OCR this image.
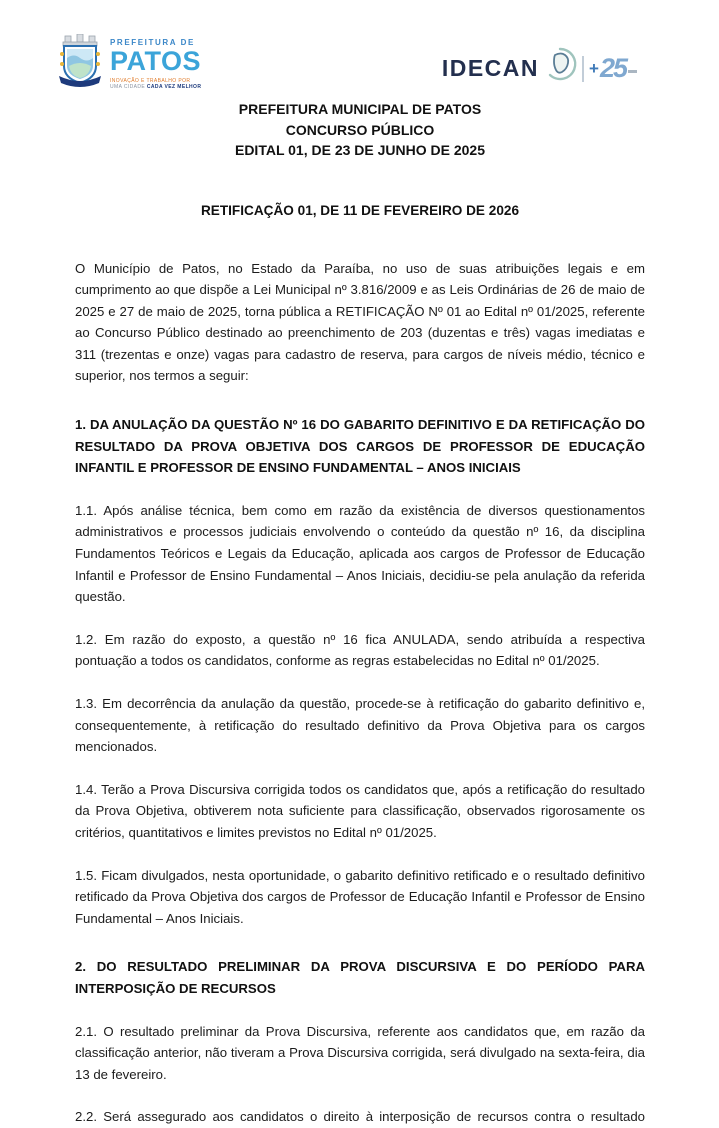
PREFEITURA DE
PATOS
INOVAÇÃO E TRABALHO POR
UMA CIDADE CADA VEZ MELHOR
IDECAN	+ 25

PREFEITURA MUNICIPAL DE PATOS

CONCURSO PÚBLICO

EDITAL 01, DE 23 DE JUNHO DE 2025

RETIFICAÇÃO 01, DE 11 DE FEVEREIRO DE 2026

O Município de Patos, no Estado da Paraíba, no uso de suas atribuições legais e em cumprimento ao que dispõe a Lei Municipal nº 3.816/2009 e as Leis Ordinárias de 26 de maio de 2025 e 27 de maio de 2025, torna pública a RETIFICAÇÃO Nº 01 ao Edital nº 01/2025, referente ao Concurso Público destinado ao preenchimento de 203 (duzentas e três) vagas imediatas e 311 (trezentas e onze) vagas para cadastro de reserva, para cargos de níveis médio, técnico e superior, nos termos a seguir:

1. DA ANULAÇÃO DA QUESTÃO Nº 16 DO GABARITO DEFINITIVO E DA RETIFICAÇÃO DO RESULTADO DA PROVA OBJETIVA DOS CARGOS DE PROFESSOR DE EDUCAÇÃO INFANTIL E PROFESSOR DE ENSINO FUNDAMENTAL – ANOS INICIAIS

1.1. Após análise técnica, bem como em razão da existência de diversos questionamentos administrativos e processos judiciais envolvendo o conteúdo da questão nº 16, da disciplina Fundamentos Teóricos e Legais da Educação, aplicada aos cargos de Professor de Educação Infantil e Professor de Ensino Fundamental – Anos Iniciais, decidiu-se pela anulação da referida questão.

1.2. Em razão do exposto, a questão nº 16 fica ANULADA, sendo atribuída a respectiva pontuação a todos os candidatos, conforme as regras estabelecidas no Edital nº 01/2025.

1.3. Em decorrência da anulação da questão, procede-se à retificação do gabarito definitivo e, consequentemente, à retificação do resultado definitivo da Prova Objetiva para os cargos mencionados.

1.4. Terão a Prova Discursiva corrigida todos os candidatos que, após a retificação do resultado da Prova Objetiva, obtiverem nota suficiente para classificação, observados rigorosamente os critérios, quantitativos e limites previstos no Edital nº 01/2025.

1.5. Ficam divulgados, nesta oportunidade, o gabarito definitivo retificado e o resultado definitivo retificado da Prova Objetiva dos cargos de Professor de Educação Infantil e Professor de Ensino Fundamental – Anos Iniciais.

2. DO RESULTADO PRELIMINAR DA PROVA DISCURSIVA E DO PERÍODO PARA INTERPOSIÇÃO DE RECURSOS

2.1. O resultado preliminar da Prova Discursiva, referente aos candidatos que, em razão da classificação anterior, não tiveram a Prova Discursiva corrigida, será divulgado na sexta-feira, dia 13 de fevereiro.

2.2. Será assegurado aos candidatos o direito à interposição de recursos contra o resultado
